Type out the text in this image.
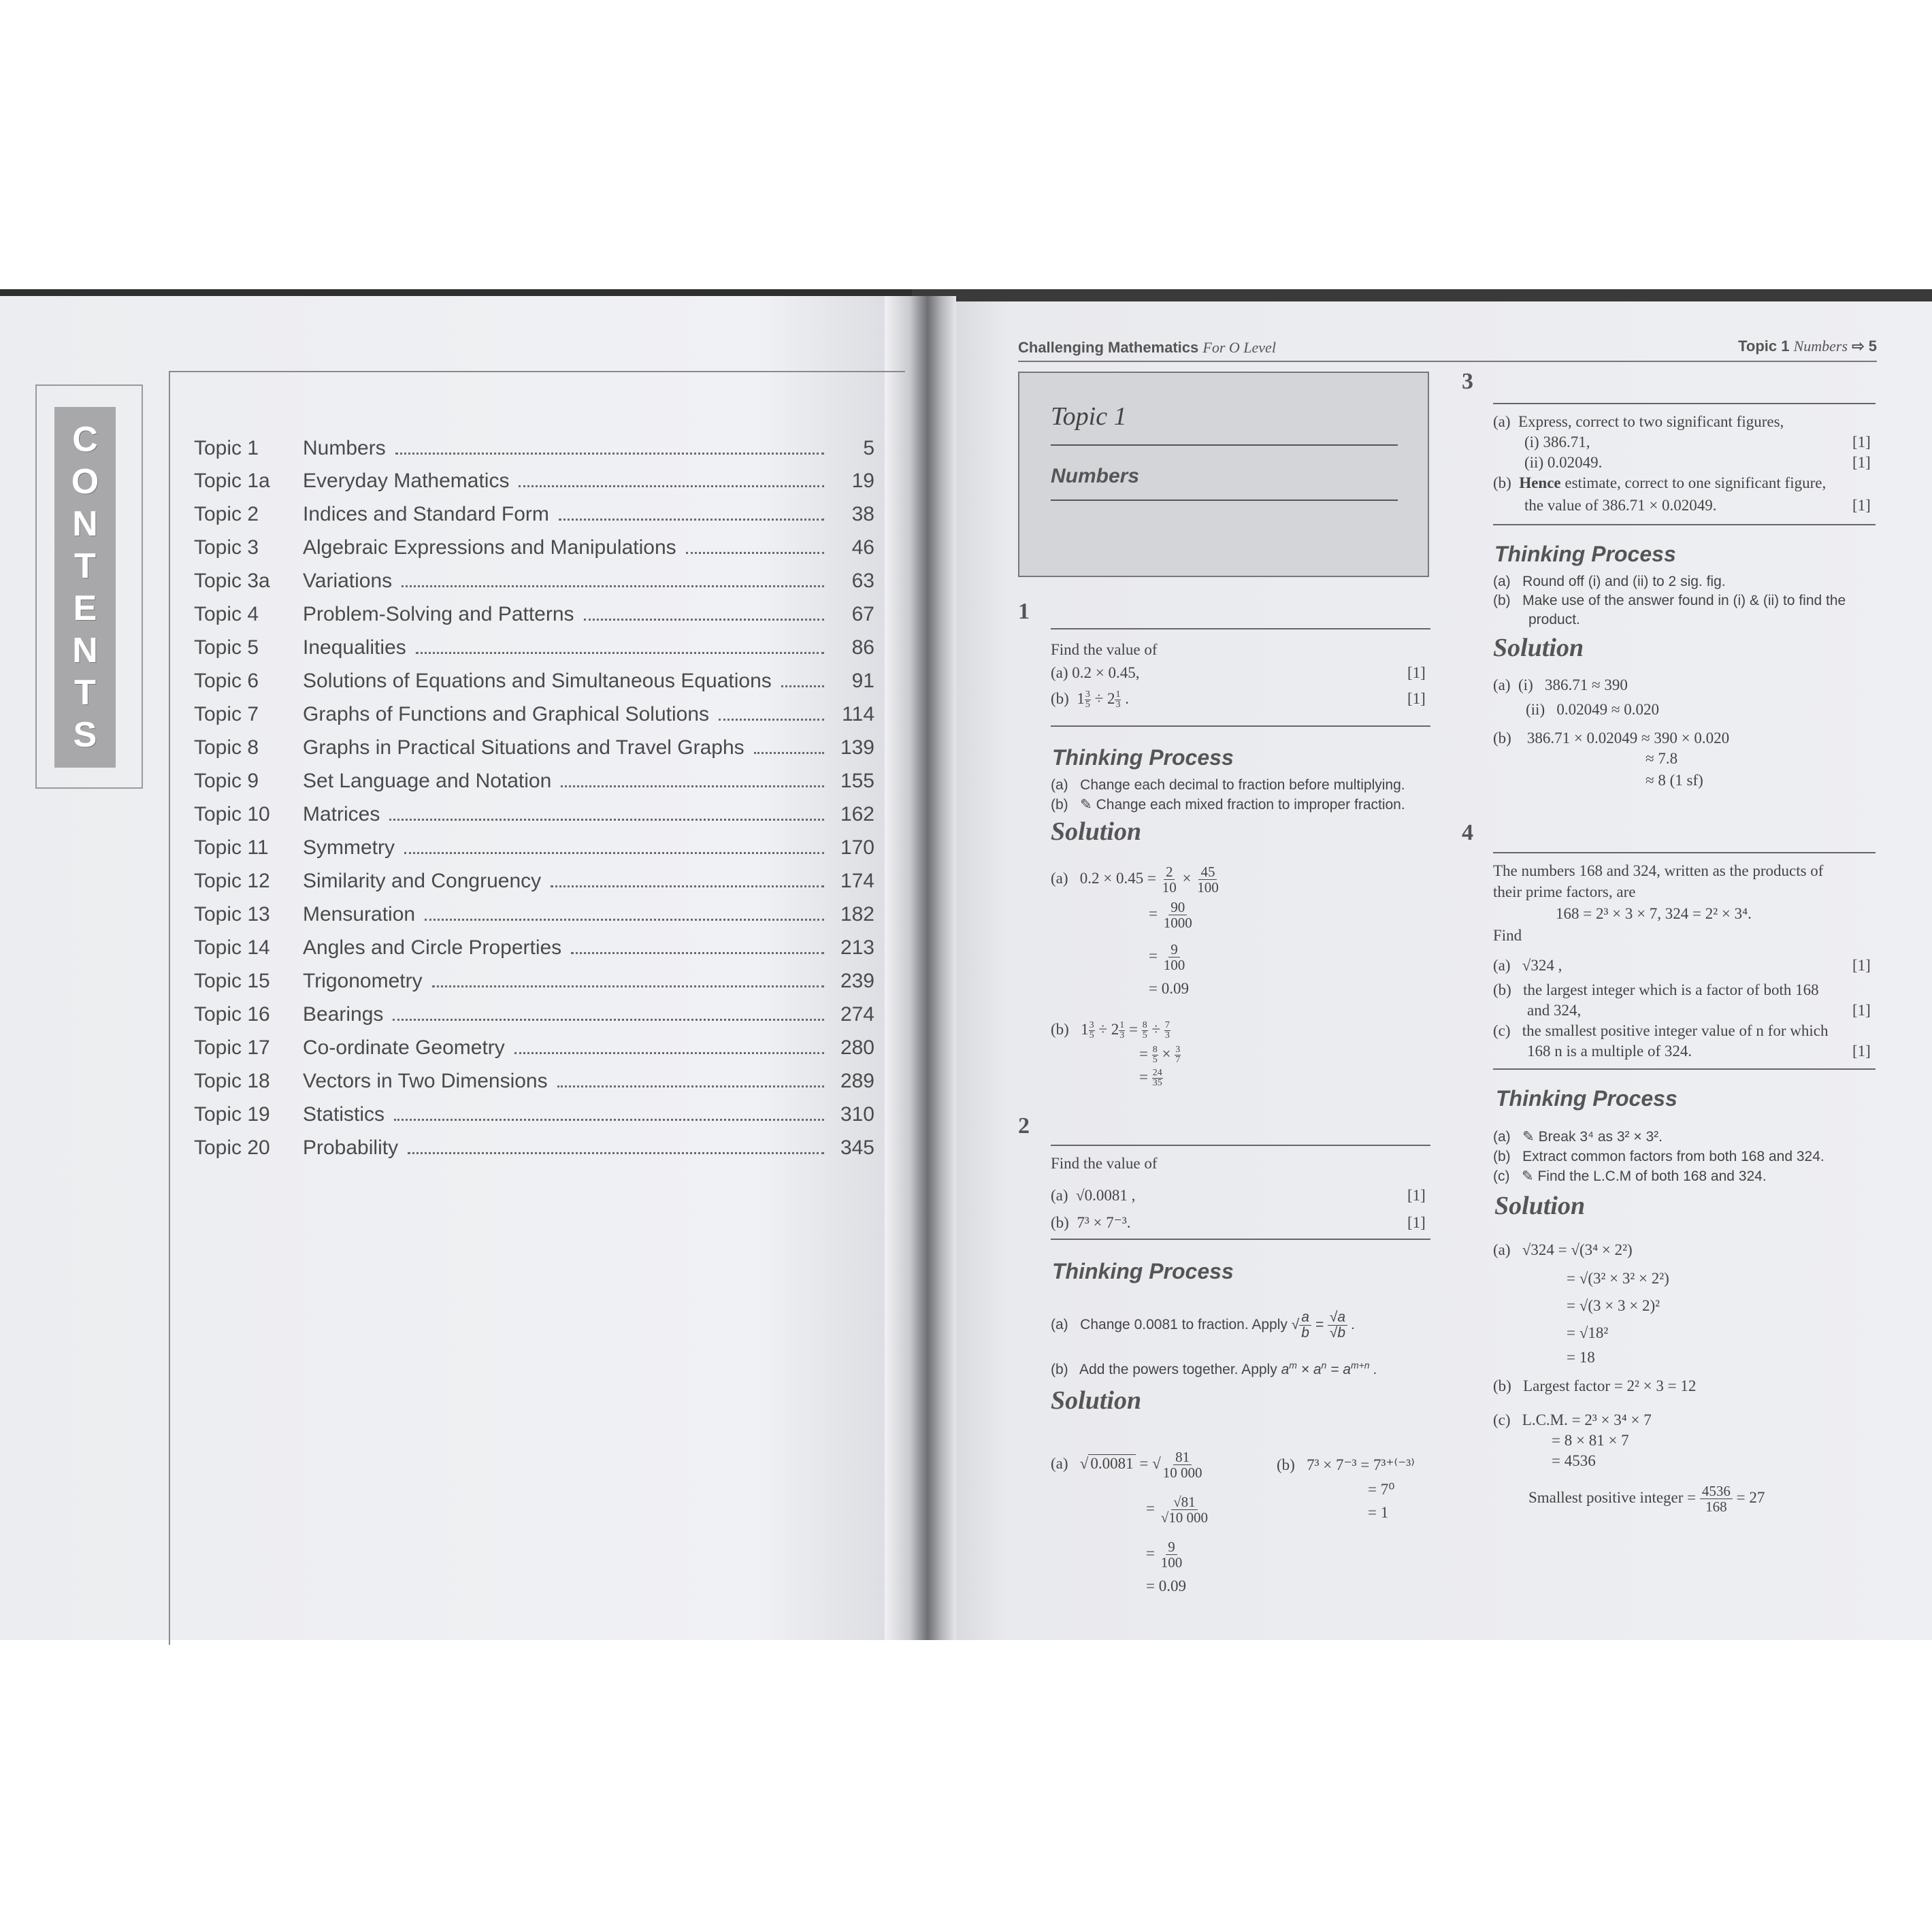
C
O
N
T
E
N
T
S
Topic 1	Numbers	5
Topic 1a	Everyday Mathematics	19
Topic 2	Indices and Standard Form	38
Topic 3	Algebraic Expressions and Manipulations	46
Topic 3a	Variations	63
Topic 4	Problem-Solving and Patterns	67
Topic 5	Inequalities	86
Topic 6	Solutions of Equations and Simultaneous Equations	91
Topic 7	Graphs of Functions and Graphical Solutions	114
Topic 8	Graphs in Practical Situations and Travel Graphs	139
Topic 9	Set Language and Notation	155
Topic 10	Matrices	162
Topic 11	Symmetry	170
Topic 12	Similarity and Congruency	174
Topic 13	Mensuration	182
Topic 14	Angles and Circle Properties	213
Topic 15	Trigonometry	239
Topic 16	Bearings	274
Topic 17	Co-ordinate Geometry	280
Topic 18	Vectors in Two Dimensions	289
Topic 19	Statistics	310
Topic 20	Probability	345
Challenging Mathematics For O Level	Topic 1 Numbers ⇨ 5
Topic 1
Numbers
1
Find the value of
(a) 0.2 × 0.45,	[1]
(b)  $1 \frac{3}{5} \div 2 \frac{1}{3}$ .	[1]
Thinking Process
(a)   Change each decimal to fraction before multiplying.
(b)   ✎ Change each mixed fraction to improper fraction.
Solution
(a)   $0.2 \times 0.45 = \frac{2}{10} \times \frac{45}{100}$
= $\frac{90}{1000}$
= $\frac{9}{100}$
= 0.09
(b)   $1 \frac{3}{5} \div 2 \frac{1}{3} = \frac{8}{5} \div \frac{7}{3}$
= $\frac{8}{5} \times \frac{3}{7}$
= $\frac{24}{35}$
2
Find the value of
(a)  √0.0081 ,	[1]
(b)  7³ × 7⁻³.	[1]
Thinking Process
(a)   Change 0.0081 to fraction. Apply √ $\frac{a}{b} = \frac{√a}{√b}$ .
(b)   Add the powers together. Apply $a^m \times a^n = a^{m+n}$ .
Solution
(a)   √ 0.0081 = √ $\frac{81}{10 000}$
= $\frac{√81}{√10 000}$
= $\frac{9}{100}$
= 0.09
(b)   7³ × 7⁻³ = 7³⁺⁽⁻³⁾
= 7⁰
= 1
3
(a)  Express, correct to two significant figures,
(i) 386.71,	[1]
(ii) 0.02049.	[1]
(b)  Hence estimate, correct to one significant figure,
the value of 386.71 × 0.02049.	[1]
Thinking Process
(a)   Round off (i) and (ii) to 2 sig. fig.
(b)   Make use of the answer found in (i) & (ii) to find the
product.
Solution
(a)  (i)   386.71 ≈ 390
(ii)   0.02049 ≈ 0.020
(b)    386.71 × 0.02049 ≈ 390 × 0.020
≈ 7.8
≈ 8 (1 sf)
4
The numbers 168 and 324, written as the products of
their prime factors, are
168 = 2³ × 3 × 7, 324 = 2² × 3⁴.
Find
(a)   √324 ,	[1]
(b)   the largest integer which is a factor of both 168
and 324,	[1]
(c)   the smallest positive integer value of n for which
168 n is a multiple of 324.	[1]
Thinking Process
(a)   ✎ Break 3⁴ as 3² × 3².
(b)   Extract common factors from both 168 and 324.
(c)   ✎ Find the L.C.M of both 168 and 324.
Solution
(a)   √324 = √(3⁴ × 2²)
= √(3² × 3² × 2²)
= √(3 × 3 × 2)²
= √18²
= 18
(b)   Largest factor = 2² × 3 = 12
(c)   L.C.M. = 2³ × 3⁴ × 7
= 8 × 81 × 7
= 4536
Smallest positive integer = $\frac{4536}{168} = 27$
